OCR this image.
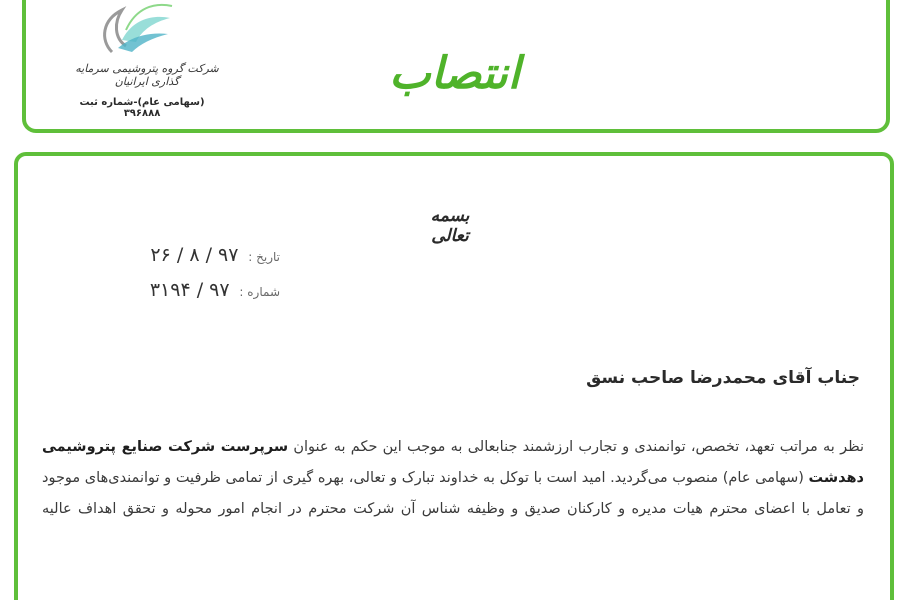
شرکت گروه پتروشیمی سرمایه گذاری ایرانیان
(سهامی عام)-شماره ثبت ۳۹۶۸۸۸
انتصاب
بسمه تعالی
تاریخ : ۹۷ / ۸ / ۲۶
شماره : ۹۷ / ۳۱۹۴
جناب آقای محمدرضا صاحب نسق
نظر به مراتب تعهد، تخصص، توانمندی و تجارب ارزشمند جنابعالی به موجب این حکم به عنوان سرپرست شرکت صنایع پتروشیمی دهدشت (سهامی عام) منصوب می‌گردید. امید است با توکل به خداوند تبارک و تعالی، بهره گیری از تمامی ظرفیت و توانمندی‌های موجود و تعامل با اعضای محترم هیات مدیره و کارکنان صدیق و وظیفه شناس آن شرکت محترم در انجام امور محوله و تحقق اهداف عالیه
